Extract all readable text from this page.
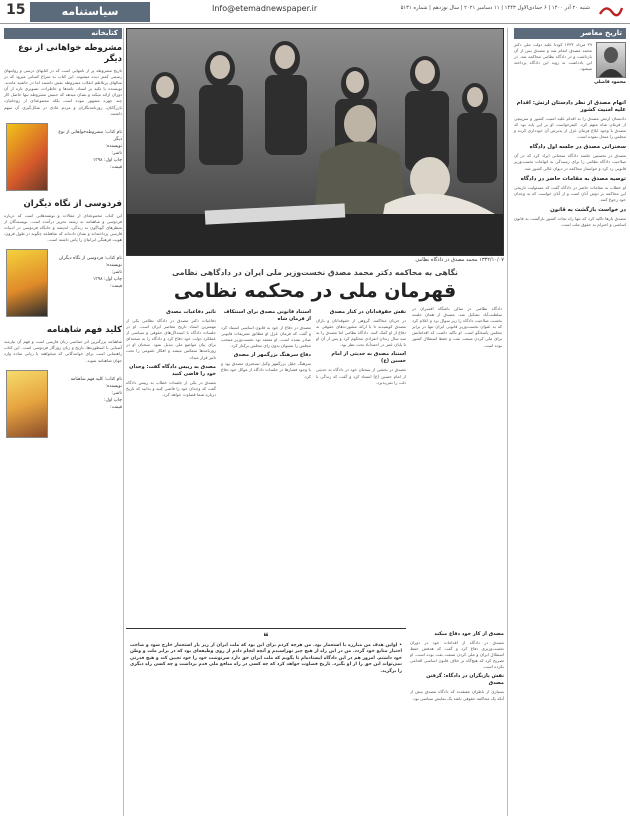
15	سیاستنامه	Info@etemadnewspaper.ir	شنبه ۲۰ آذر ۱۴۰۰ | ۶ جمادی‌الاول ۱۴۴۳ | ۱۱ دسامبر ۲۰۲۱ | سال نوزدهم | شماره ۵۱۳۱
کتابخانه
مشروطه خواهانی از نوع دیگر

تاریخ مشروطه پر از نامهایی است که در کتابهای درسی و روایتهای رسمی کمتر دیده میشوند. این کتاب به سراغ کسانی میرود که در سالهای پرتلاطم انقلاب مشروطه نقش داشتند اما در حاشیه ماندند. نویسنده با تکیه بر اسناد، نامه‌ها و خاطرات، تصویری تازه از آن دوران ارائه میکند و نشان میدهد که جنبش مشروطه تنها حاصل کار چند چهره مشهور نبوده است بلکه مجموعه‌ای از روحانیان، بازرگانان، روزنامه‌نگاران و مردم عادی در شکل‌گیری آن سهم داشتند.

نام کتاب: مشروطه‌خواهانی از نوع دیگر
نویسنده:
ناشر:
چاپ اول: ۱۳۹۸
قیمت:
فردوسی از نگاه دیگران

این کتاب مجموعه‌ای از مقالات و نوشته‌هایی است که درباره فردوسی و شاهنامه به رشته تحریر درآمده است. نویسندگان از منظرهای گوناگون به زندگی، اندیشه و جایگاه فردوسی در ادبیات فارسی پرداخته‌اند و نشان داده‌اند که شاهنامه چگونه در طول قرون، هویت فرهنگی ایرانیان را پاس داشته است.

نام کتاب: فردوسی از نگاه دیگران
نویسنده:
ناشر:
چاپ اول: ۱۳۹۸
قیمت:
کلید فهم شاهنامه

شاهنامه بزرگترین اثر حماسی زبان فارسی است و فهم آن نیازمند آشنایی با اسطوره‌ها، تاریخ و زبان روزگار فردوسی است. این کتاب راهنمایی است برای خوانندگانی که میخواهند با زبانی ساده وارد جهان شاهنامه شوند.

نام کتاب: کلید فهم شاهنامه
نویسنده:
ناشر:
چاپ اول:
قیمت:
۱۳۳۲/۱۰/۰۷ محمد مصدق در دادگاه نظامی
نگاهی به محاکمه دکتر محمد مصدق نخست‌وزیر ملی ایران در دادگاهی نظامی
قهرمان ملی در محکمه نظامی
تاثیر دفاعیات مصدق

دفاعیات دکتر مصدق در دادگاه نظامی یکی از مهمترین اسناد تاریخ معاصر ایران است. او در جلسات دادگاه با استدلال‌های حقوقی و سیاسی از عملکرد دولت خود دفاع کرد و دادگاه را به صحنه‌ای برای بیان مواضع ملی تبدیل نمود. سخنان او در روزنامه‌ها منعکس میشد و افکار عمومی را تحت تاثیر قرار میداد.

مصدق به رییس دادگاه گفت: وجدان خود را قاضی کنید

مصدق در یکی از جلسات خطاب به رییس دادگاه گفت که وجدان خود را قاضی کنید و بدانید که تاریخ درباره شما قضاوت خواهد کرد.

استناد قانونی مصدق برای استنکاف از فرمان شاه

مصدق در دفاع از خود به قانون اساسی استناد کرد و گفت که فرمان عزل او مطابق تشریفات قانونی صادر نشده است. او معتقد بود نخست‌وزیر منتخب مجلس را نمیتوان بدون رای مجلس برکنار کرد.

دفاع سرهنگ بزرگمهر از مصدق

سرهنگ جلیل بزرگمهر وکیل تسخیری مصدق بود و با وجود فشارها در جلسات دادگاه از موکل خود دفاع کرد.

نقش حقوقدانان در کنار مصدق

در جریان محاکمه، گروهی از حقوقدانان و یاران مصدق کوشیدند تا با ارائه مشورت‌های حقوقی به دفاع از او کمک کنند. دادگاه نظامی اما مصدق را به سه سال زندان انفرادی محکوم کرد و پس از آن او تا پایان عمر در احمدآباد تحت نظر بود.

استناد مصدق به حدیثی از امام حسین (ع)

مصدق در بخشی از سخنان خود در دادگاه به حدیثی از امام حسین (ع) استناد کرد و گفت که زندگی با ذلت را نمی‌پذیرد.

دادگاه نظامی در سالن باشگاه افسران در سلطنت‌آباد تشکیل شد. مصدق از همان جلسه نخست صلاحیت دادگاه را زیر سوال برد و اعلام کرد که به عنوان نخست‌وزیر قانونی ایران تنها در برابر مجلس پاسخگو است. او تاکید داشت که اقداماتش برای ملی کردن صنعت نفت و حفظ استقلال کشور بوده است.

❝

• اولین هدف من مبارزه با استعمار بود. من هرچه کردم برای این بود که ملت ایران از زیر بار استعمار خارج شود و صاحب اختیار منابع خود گردد. من در این راه از هیچ چیز نهراسیدم و آنچه انجام دادم از روی وظیفه‌ای بود که در برابر ملت و وطن خود داشتم. امروز هم در این دادگاه ایستاده‌ام تا بگویم که ملت ایران حق دارد سرنوشت خود را خود تعیین کند و هیچ قدرتی نمی‌تواند این حق را از او بگیرد. تاریخ قضاوت خواهد کرد که چه کسی در راه منافع ملی قدم برداشت و چه کسی راه دیگری را برگزید.

مصدق از کار خود دفاع میکند

مصدق در دادگاه از اقدامات خود در دوران نخست‌وزیری دفاع کرد و گفت که هدفش حفظ استقلال ایران و ملی کردن صنعت نفت بوده است. او تصریح کرد که هیچ‌گاه بر خلاف قانون اساسی اقدامی نکرده است.

نقش بازیگران در دادگاه: گرفتن مصدق

بسیاری از ناظران معتقدند که دادگاه مصدق بیش از آنکه یک محاکمه حقوقی باشد یک نمایش سیاسی بود.

تاریخ معاصر
محمود فاضلی

۲۹ مرداد ۱۳۳۲ کودتا علیه دولت ملی دکتر محمد مصدق انجام شد و مصدق پس از آن بازداشت و در دادگاه نظامی محاکمه شد. در این یادداشت به روند این دادگاه پرداخته میشود.

اتهام مصدق از نظر دادستان ارتش: اقدام علیه امنیت کشور

دادستان ارتش مصدق را به اقدام علیه امنیت کشور و سرپیچی از فرمان شاه متهم کرد. کیفرخواست او بر این پایه بود که مصدق با وجود ابلاغ فرمان عزل از پذیرش آن خودداری کرده و مجلس را منحل نموده است.

سخنرانی مصدق در جلسه اول دادگاه

مصدق در نخستین جلسه دادگاه سخنانی ایراد کرد که در آن صلاحیت دادگاه نظامی را برای رسیدگی به اتهامات نخست‌وزیر قانونی رد کرد و خواستار محاکمه در دیوان عالی کشور شد.

توصیه مصدق به مقامات حاضر در دادگاه

او خطاب به مقامات حاضر در دادگاه گفت که مسئولیت تاریخی این محاکمه بر دوش آنان است و از آنان خواست که به وجدان خود رجوع کنند.

در خواست بازگشت به قانون

مصدق بارها تاکید کرد که تنها راه نجات کشور بازگشت به قانون اساسی و احترام به حقوق ملت است.
